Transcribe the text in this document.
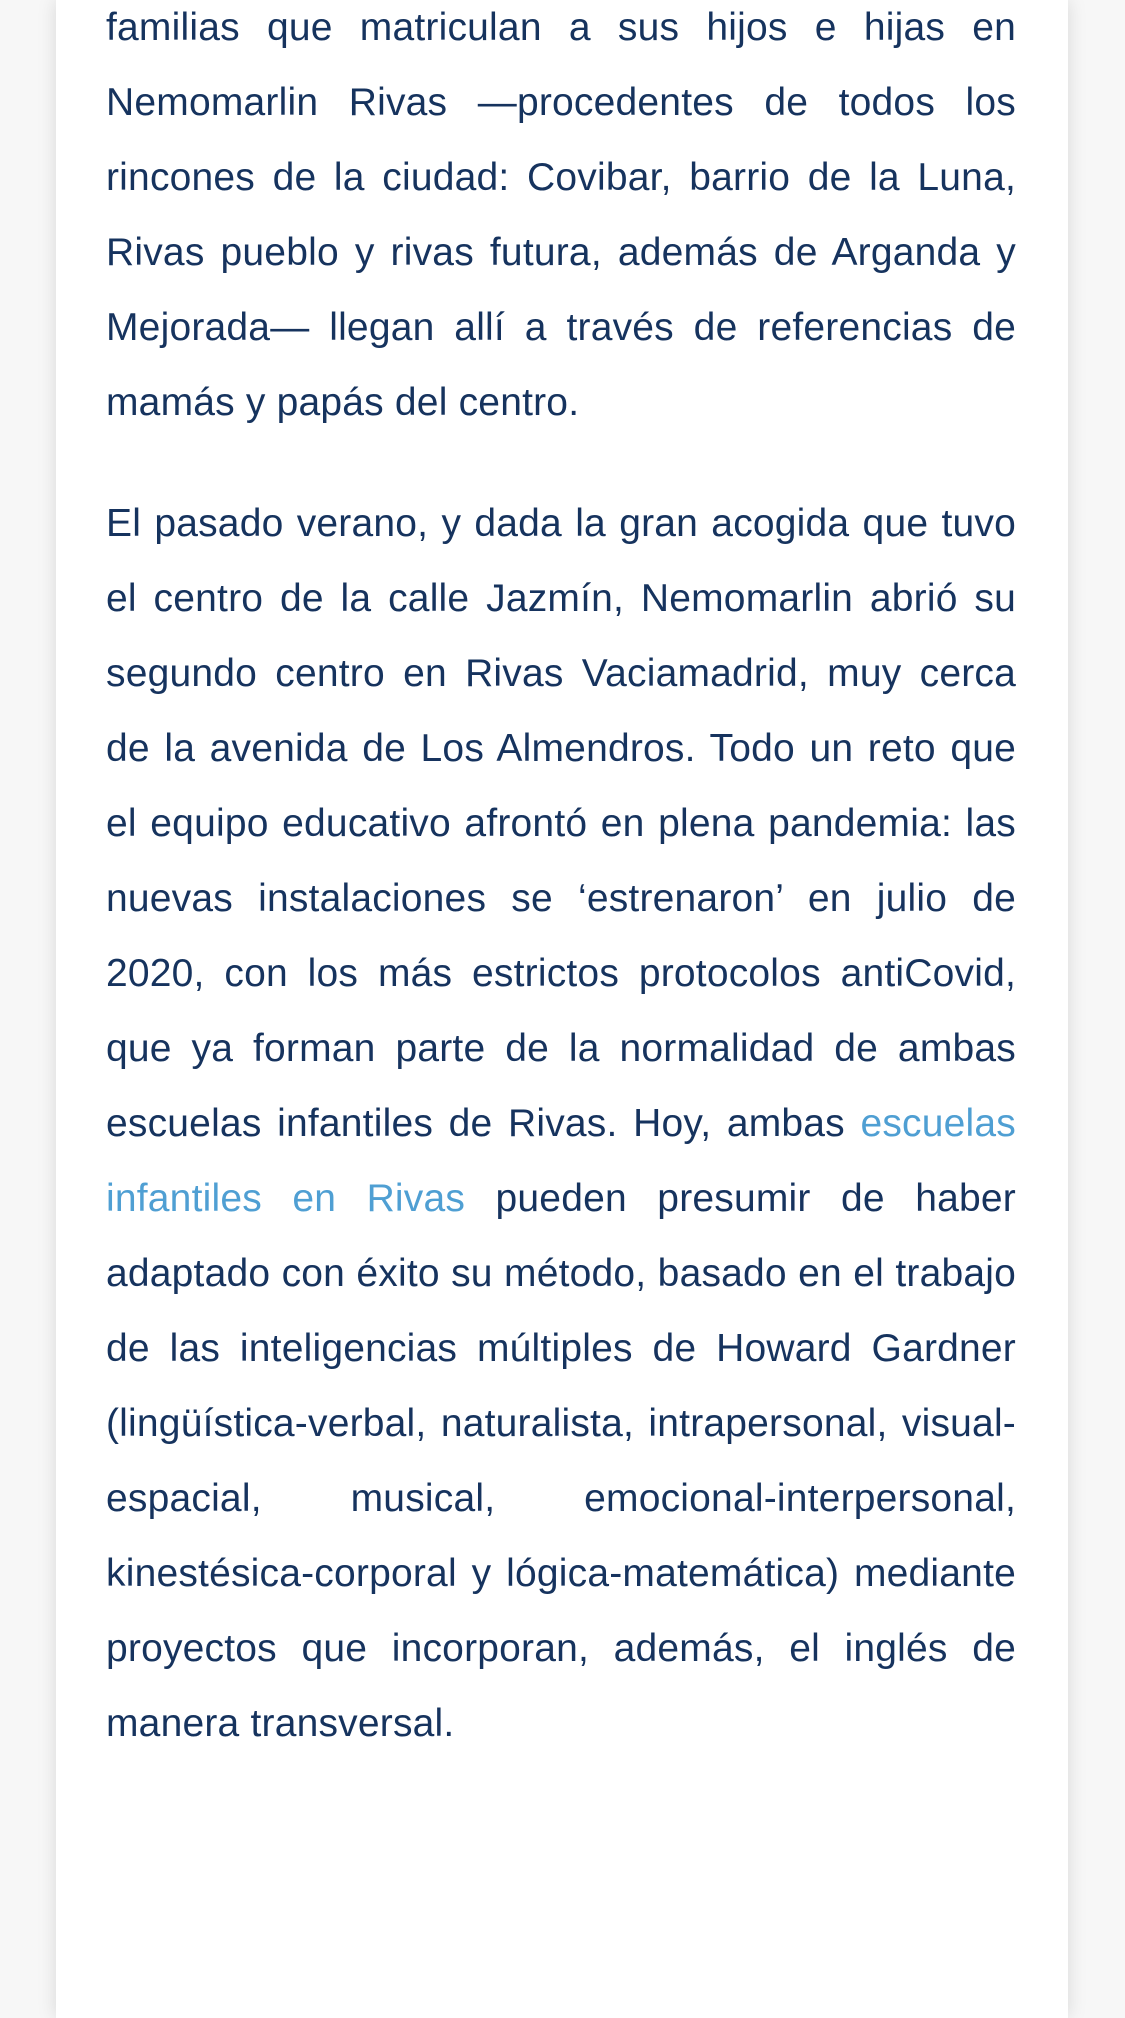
familias que matriculan a sus hijos e hijas en Nemomarlin Rivas —procedentes de todos los rincones de la ciudad: Covibar, barrio de la Luna, Rivas pueblo y rivas futura, además de Arganda y Mejorada— llegan allí a través de referencias de mamás y papás del centro.

El pasado verano, y dada la gran acogida que tuvo el centro de la calle Jazmín, Nemomarlin abrió su segundo centro en Rivas Vaciamadrid, muy cerca de la avenida de Los Almendros. Todo un reto que el equipo educativo afrontó en plena pandemia: las nuevas instalaciones se ‘estrenaron’ en julio de 2020, con los más estrictos protocolos antiCovid, que ya forman parte de la normalidad de ambas escuelas infantiles de Rivas. Hoy, ambas escuelas infantiles en Rivas pueden presumir de haber adaptado con éxito su método, basado en el trabajo de las inteligencias múltiples de Howard Gardner (lingüística-verbal, naturalista, intrapersonal, visual-espacial, musical, emocional-interpersonal, kinestésica-corporal y lógica-matemática) mediante proyectos que incorporan, además, el inglés de manera transversal.
